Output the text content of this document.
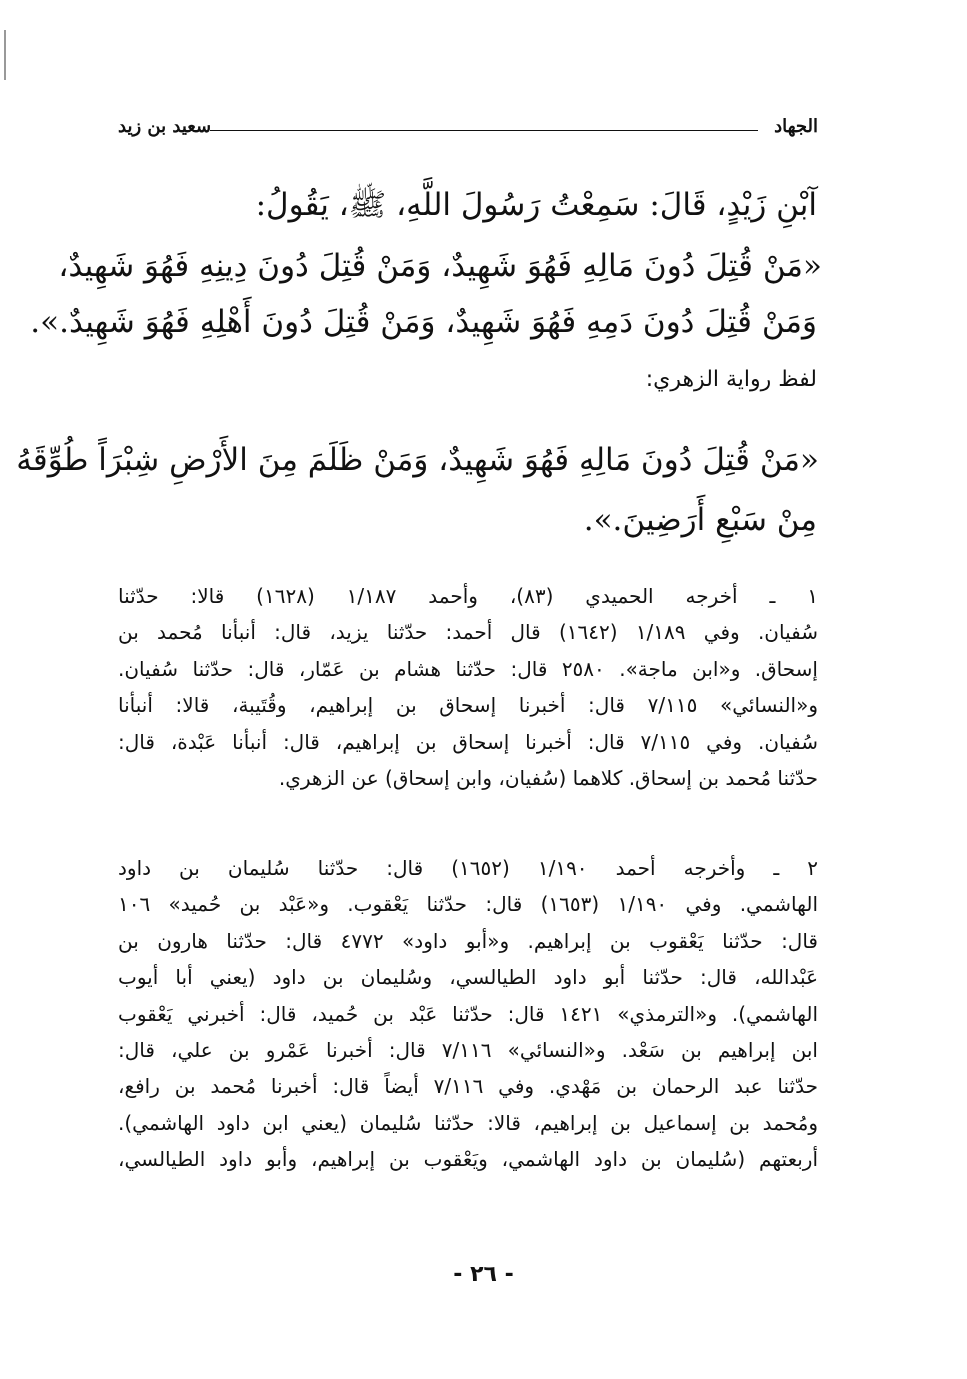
الجهاد
سعيد بن زيد
آبْنِ زَيْدٍ، قَالَ: سَمِعْتُ رَسُولَ اللَّهِ، ﷺ، يَقُولُ:
«مَنْ قُتِلَ دُونَ مَالِهِ فَهُوَ شَهِيدٌ، وَمَنْ قُتِلَ دُونَ دِينِهِ فَهُوَ شَهِيدٌ،
وَمَنْ قُتِلَ دُونَ دَمِهِ فَهُوَ شَهِيدٌ، وَمَنْ قُتِلَ دُونَ أَهْلِهِ فَهُوَ شَهِيدٌ.».
لفظ رواية الزهري:
«مَنْ قُتِلَ دُونَ مَالِهِ فَهُوَ شَهِيدٌ، وَمَنْ ظَلَمَ مِنَ الأَرْضِ شِبْرَاً طُوِّقَهُ
مِنْ سَبْعِ أَرَضِينَ.».
١ ـ أخرجه الحميدي (٨٣)، وأحمد ١/١٨٧ (١٦٢٨) قالا: حدّثنا
سُفيان. وفي ١/١٨٩ (١٦٤٢) قال أحمد: حدّثنا يزيد، قال: أنبأنا مُحمد بن
إسحاق. و«ابن ماجة». ٢٥٨٠ قال: حدّثنا هشام بن عَمّار، قال: حدّثنا سُفيان.
و«النسائي» ٧/١١٥ قال: أخبرنا إسحاق بن إبراهيم، وقُتَيبة، قالا: أنبأنا
سُفيان. وفي ٧/١١٥ قال: أخبرنا إسحاق بن إبراهيم، قال: أنبأنا عَبْدة، قال:
حدّثنا مُحمد بن إسحاق. كلاهما (سُفيان، وابن إسحاق) عن الزهري.
٢ ـ وأخرجه أحمد ١/١٩٠ (١٦٥٢) قال: حدّثنا سُليمان بن داود
الهاشمي. وفي ١/١٩٠ (١٦٥٣) قال: حدّثنا يَعْقوب. و«عَبْد بن حُميد» ١٠٦
قال: حدّثنا يَعْقوب بن إبراهيم. و«أبو داود» ٤٧٧٢ قال: حدّثنا هارون بن
عَبْدالله، قال: حدّثنا أبو داود الطيالسي، وسُليمان بن داود (يعني أبا أيوب
الهاشمي). و«الترمذي» ١٤٢١ قال: حدّثنا عَبْد بن حُميد، قال: أخبرني يَعْقوب
ابن إبراهيم بن سَعْد. و«النسائي» ٧/١١٦ قال: أخبرنا عَمْرو بن علي، قال:
حدّثنا عبد الرحمان بن مَهْدي. وفي ٧/١١٦ أيضاً قال: أخبرنا مُحمد بن رافع،
ومُحمد بن إسماعيل بن إبراهيم، قالا: حدّثنا سُليمان (يعني ابن داود الهاشمي).
أربعتهم (سُليمان بن داود الهاشمي، ويَعْقوب بن إبراهيم، وأبو داود الطيالسي،
- ٢٦ -
